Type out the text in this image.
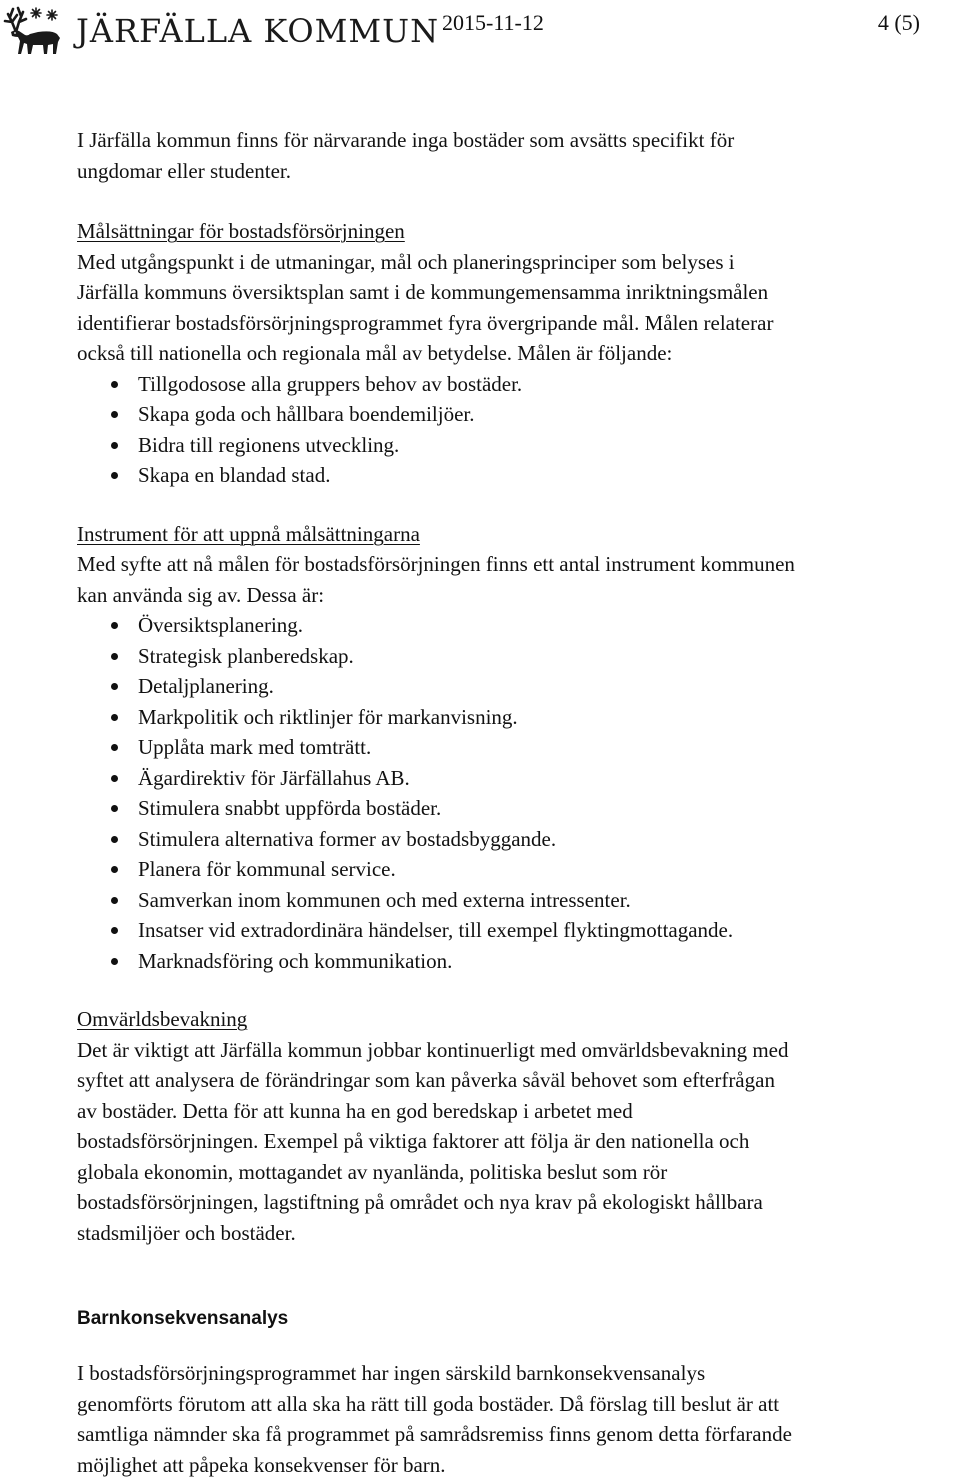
JÄRFÄLLA KOMMUN 2015-11-12	4 (5)

I Järfälla kommun finns för närvarande inga bostäder som avsätts specifikt för

ungdomar eller studenter.

Målsättningar för bostadsförsörjningen

Med utgångspunkt i de utmaningar, mål och planeringsprinciper som belyses i

Järfälla kommuns översiktsplan samt i de kommungemensamma inriktningsmålen

identifierar bostadsförsörjningsprogrammet fyra övergripande mål. Målen relaterar

också till nationella och regionala mål av betydelse. Målen är följande:

Tillgodosose alla gruppers behov av bostäder.
Skapa goda och hållbara boendemiljöer.
Bidra till regionens utveckling.
Skapa en blandad stad.

Instrument för att uppnå målsättningarna

Med syfte att nå målen för bostadsförsörjningen finns ett antal instrument kommunen

kan använda sig av. Dessa är:

Översiktsplanering.
Strategisk planberedskap.
Detaljplanering.
Markpolitik och riktlinjer för markanvisning.
Upplåta mark med tomträtt.
Ägardirektiv för Järfällahus AB.
Stimulera snabbt uppförda bostäder.
Stimulera alternativa former av bostadsbyggande.
Planera för kommunal service.
Samverkan inom kommunen och med externa intressenter.
Insatser vid extradordinära händelser, till exempel flyktingmottagande.
Marknadsföring och kommunikation.

Omvärldsbevakning

Det är viktigt att Järfälla kommun jobbar kontinuerligt med omvärldsbevakning med

syftet att analysera de förändringar som kan påverka såväl behovet som efterfrågan

av bostäder. Detta för att kunna ha en god beredskap i arbetet med

bostadsförsörjningen. Exempel på viktiga faktorer att följa är den nationella och

globala ekonomin, mottagandet av nyanlända, politiska beslut som rör

bostadsförsörjningen, lagstiftning på området och nya krav på ekologiskt hållbara

stadsmiljöer och bostäder.

Barnkonsekvensanalys

I bostadsförsörjningsprogrammet har ingen särskild barnkonsekvensanalys

genomförts förutom att alla ska ha rätt till goda bostäder. Då förslag till beslut är att

samtliga nämnder ska få programmet på samrådsremiss finns genom detta förfarande

möjlighet att påpeka konsekvenser för barn.
